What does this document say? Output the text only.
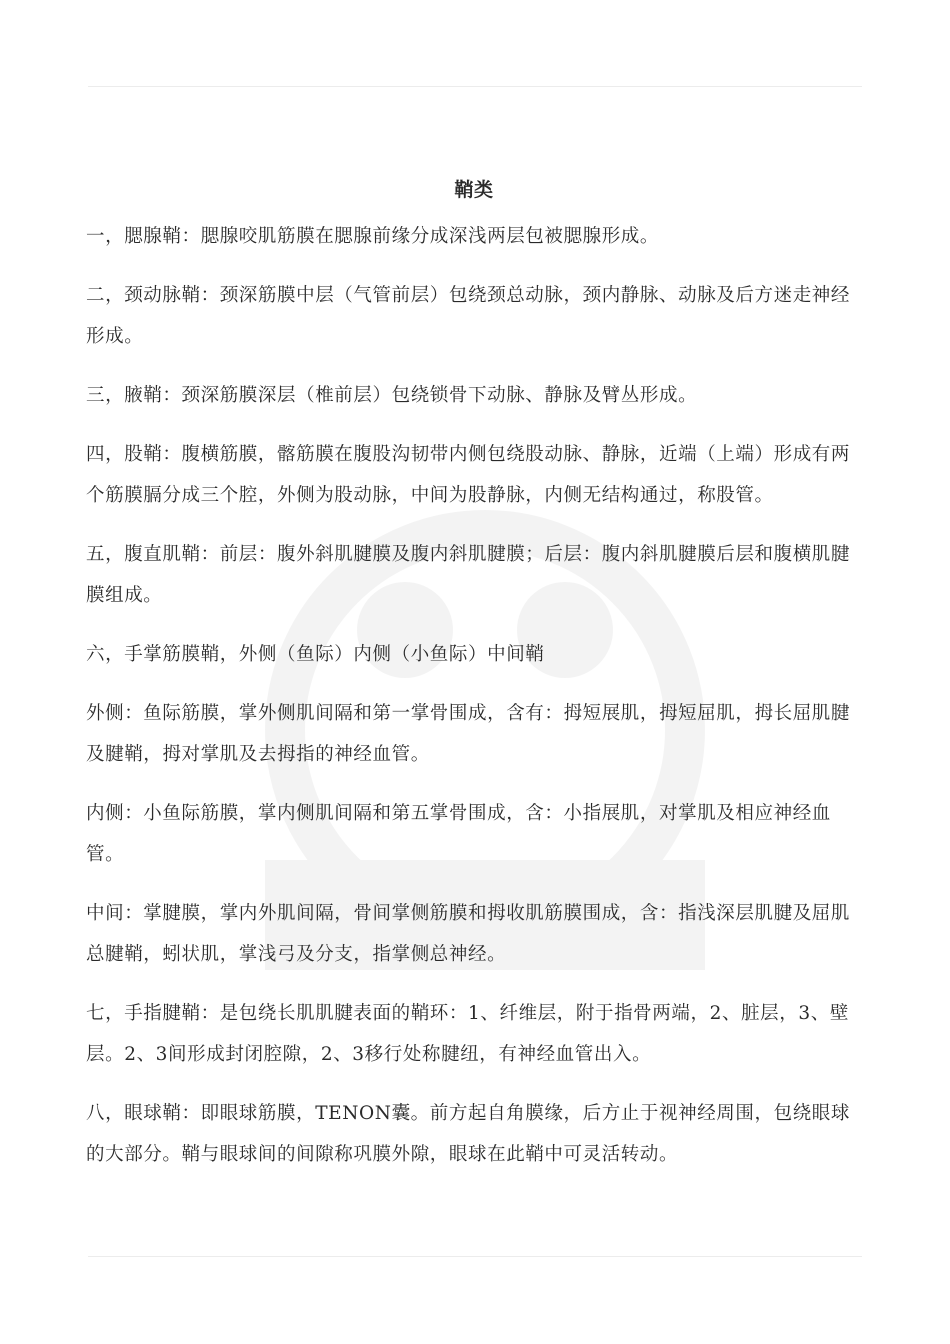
鞘类

一，腮腺鞘：腮腺咬肌筋膜在腮腺前缘分成深浅两层包被腮腺形成。

二，颈动脉鞘：颈深筋膜中层（气管前层）包绕颈总动脉，颈内静脉、动脉及后方迷走神经形成。

三，腋鞘：颈深筋膜深层（椎前层）包绕锁骨下动脉、静脉及臂丛形成。

四，股鞘：腹横筋膜，髂筋膜在腹股沟韧带内侧包绕股动脉、静脉，近端（上端）形成有两个筋膜膈分成三个腔，外侧为股动脉，中间为股静脉，内侧无结构通过，称股管。

五，腹直肌鞘：前层：腹外斜肌腱膜及腹内斜肌腱膜；后层：腹内斜肌腱膜后层和腹横肌腱膜组成。

六，手掌筋膜鞘，外侧（鱼际）内侧（小鱼际）中间鞘

外侧：鱼际筋膜，掌外侧肌间隔和第一掌骨围成，含有：拇短展肌，拇短屈肌，拇长屈肌腱及腱鞘，拇对掌肌及去拇指的神经血管。

内侧：小鱼际筋膜，掌内侧肌间隔和第五掌骨围成，含：小指展肌，对掌肌及相应神经血管。

中间：掌腱膜，掌内外肌间隔，骨间掌侧筋膜和拇收肌筋膜围成，含：指浅深层肌腱及屈肌总腱鞘，蚓状肌，掌浅弓及分支，指掌侧总神经。

七，手指腱鞘：是包绕长肌肌腱表面的鞘环：1、纤维层，附于指骨两端，2、脏层，3、壁层。2、3间形成封闭腔隙，2、3移行处称腱纽，有神经血管出入。

八，眼球鞘：即眼球筋膜，TENON囊。前方起自角膜缘，后方止于视神经周围，包绕眼球的大部分。鞘与眼球间的间隙称巩膜外隙，眼球在此鞘中可灵活转动。
